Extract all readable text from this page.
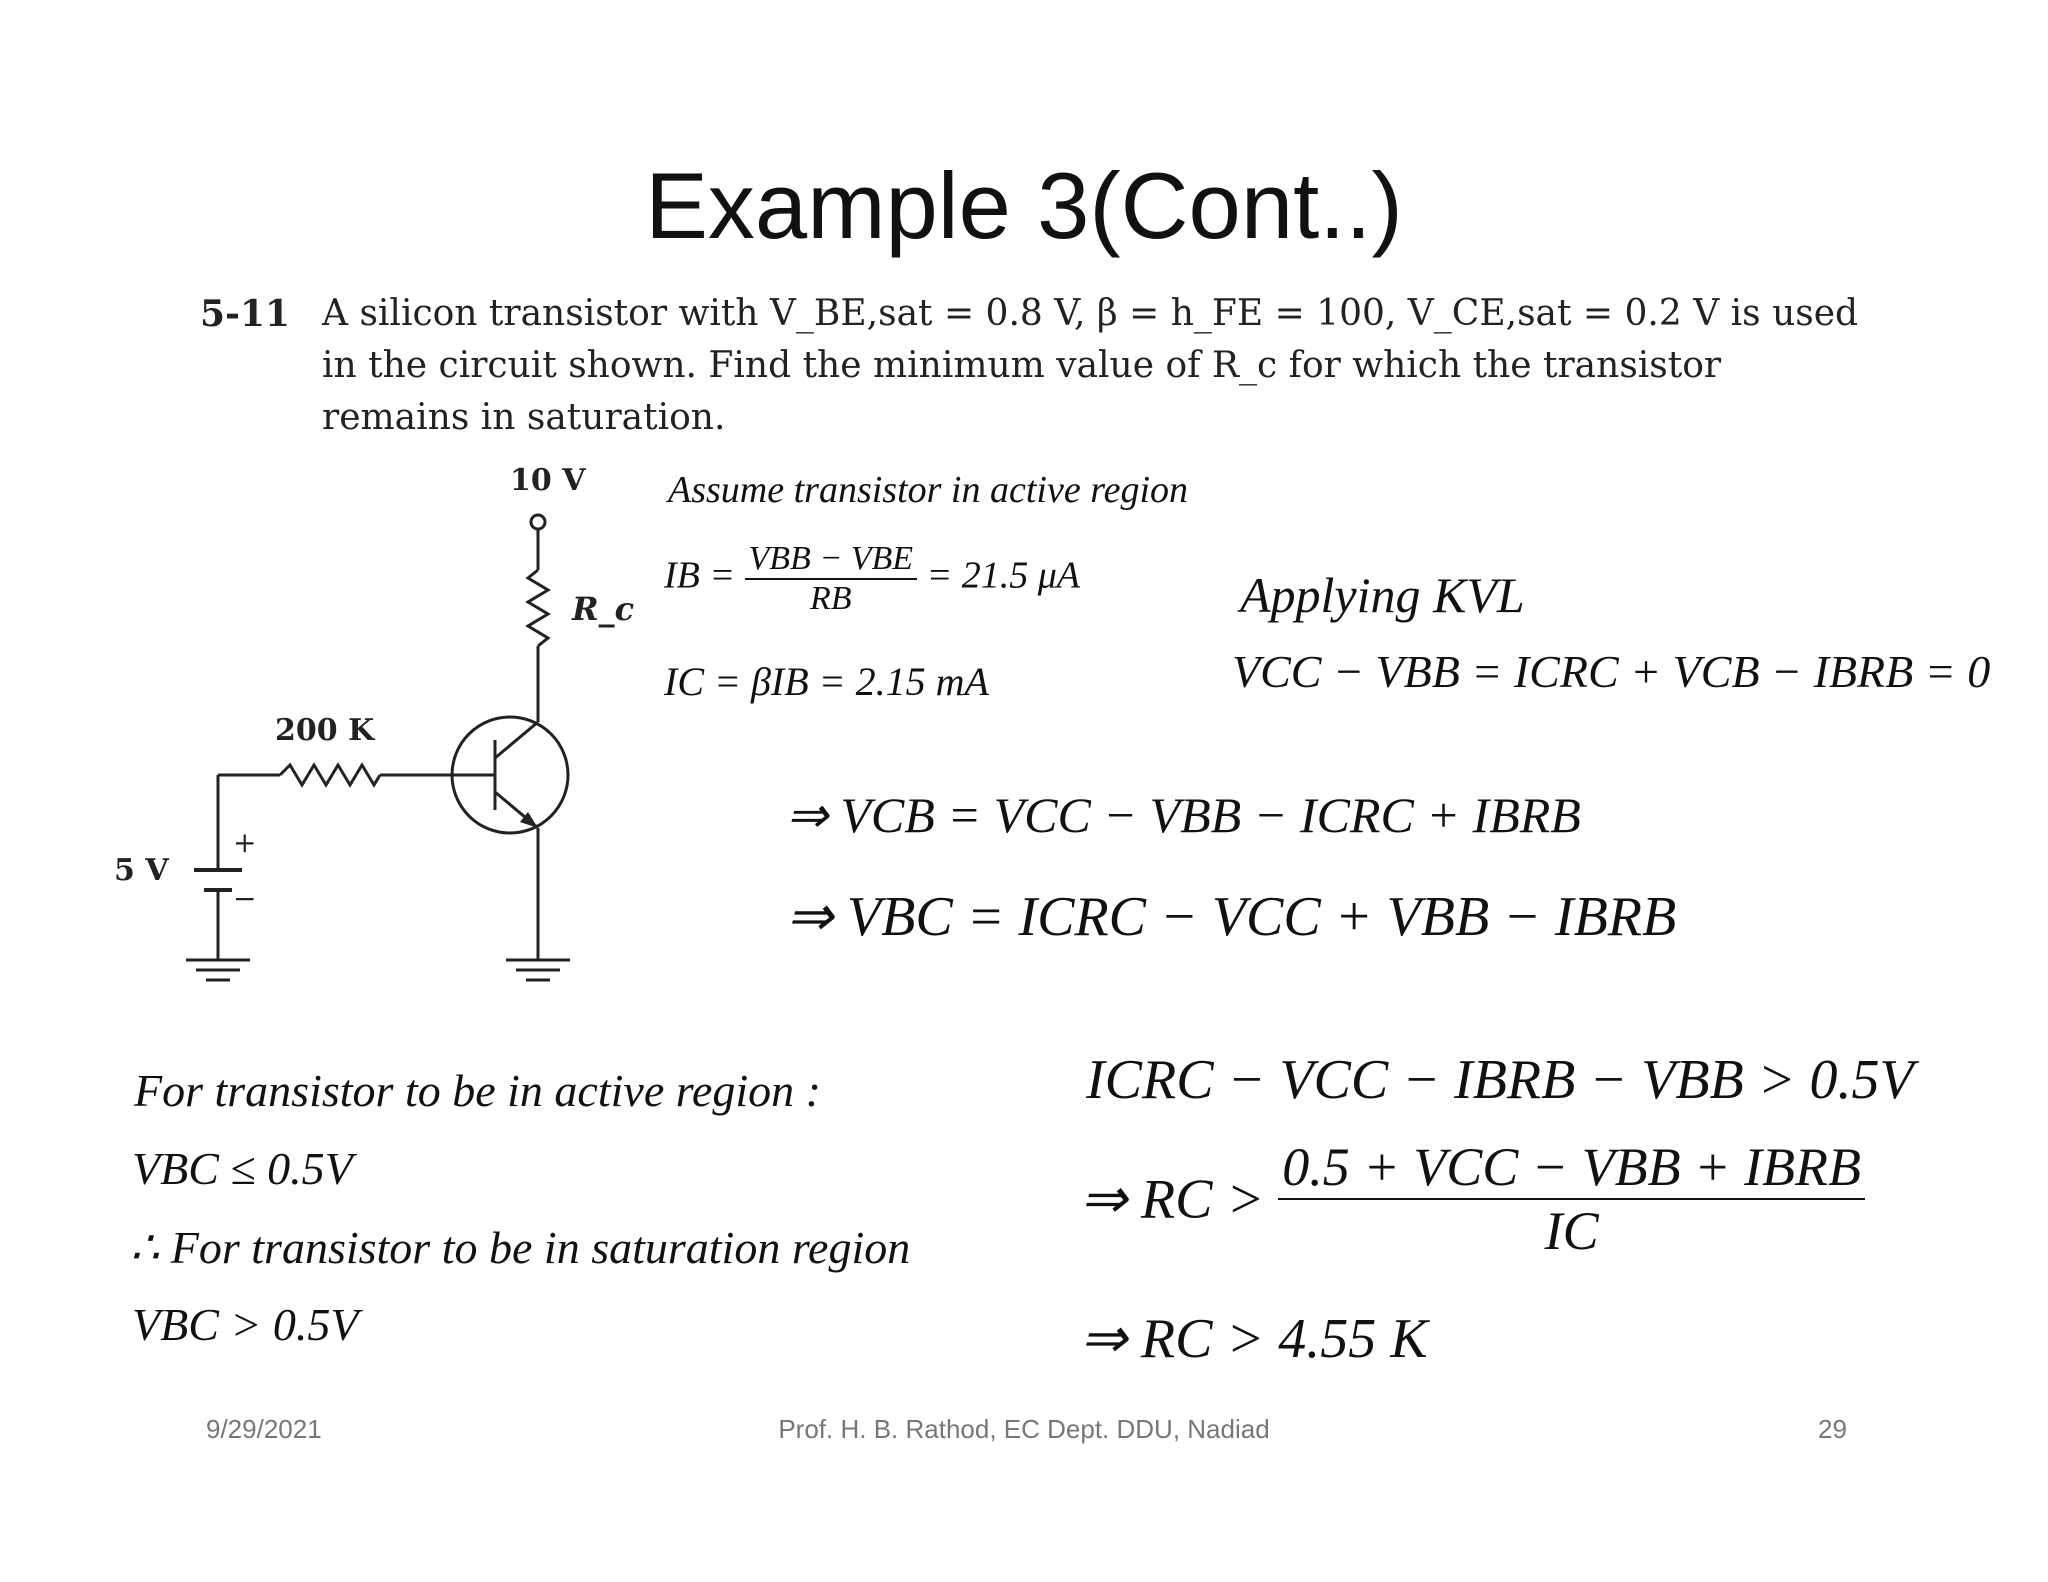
Example 3(Cont..)
5-11 A silicon transistor with V_BE,sat = 0.8 V, β = h_FE = 100, V_CE,sat = 0.2 V is used
in the circuit shown. Find the minimum value of R_c for which the transistor
remains in saturation.
10 V
R_c
200 K
5 V
+
−
Assume transistor in active region
IB = $\frac{\text{VBB − VBE}}{RB} = 21.5$ μA
IC = βIB = 2.15 mA
Applying KVL
VCC − VBB = ICRC + VCB − IBRB = 0
⇒ VCB = VCC − VBB − ICRC + IBRB
⇒ VBC = ICRC − VCC + VBB − IBRB
For transistor to be in active region :
VBC ≤ 0.5V
∴ For transistor to be in saturation region
VBC > 0.5V
ICRC − VCC − IBRB − VBB > 0.5V
⇒ RC > $\frac{\text{0.5 + VCC − VBB + IBRB}}{IC}$
⇒ RC > 4.55 K
9/29/2021	Prof. H. B. Rathod, EC Dept. DDU, Nadiad	29
